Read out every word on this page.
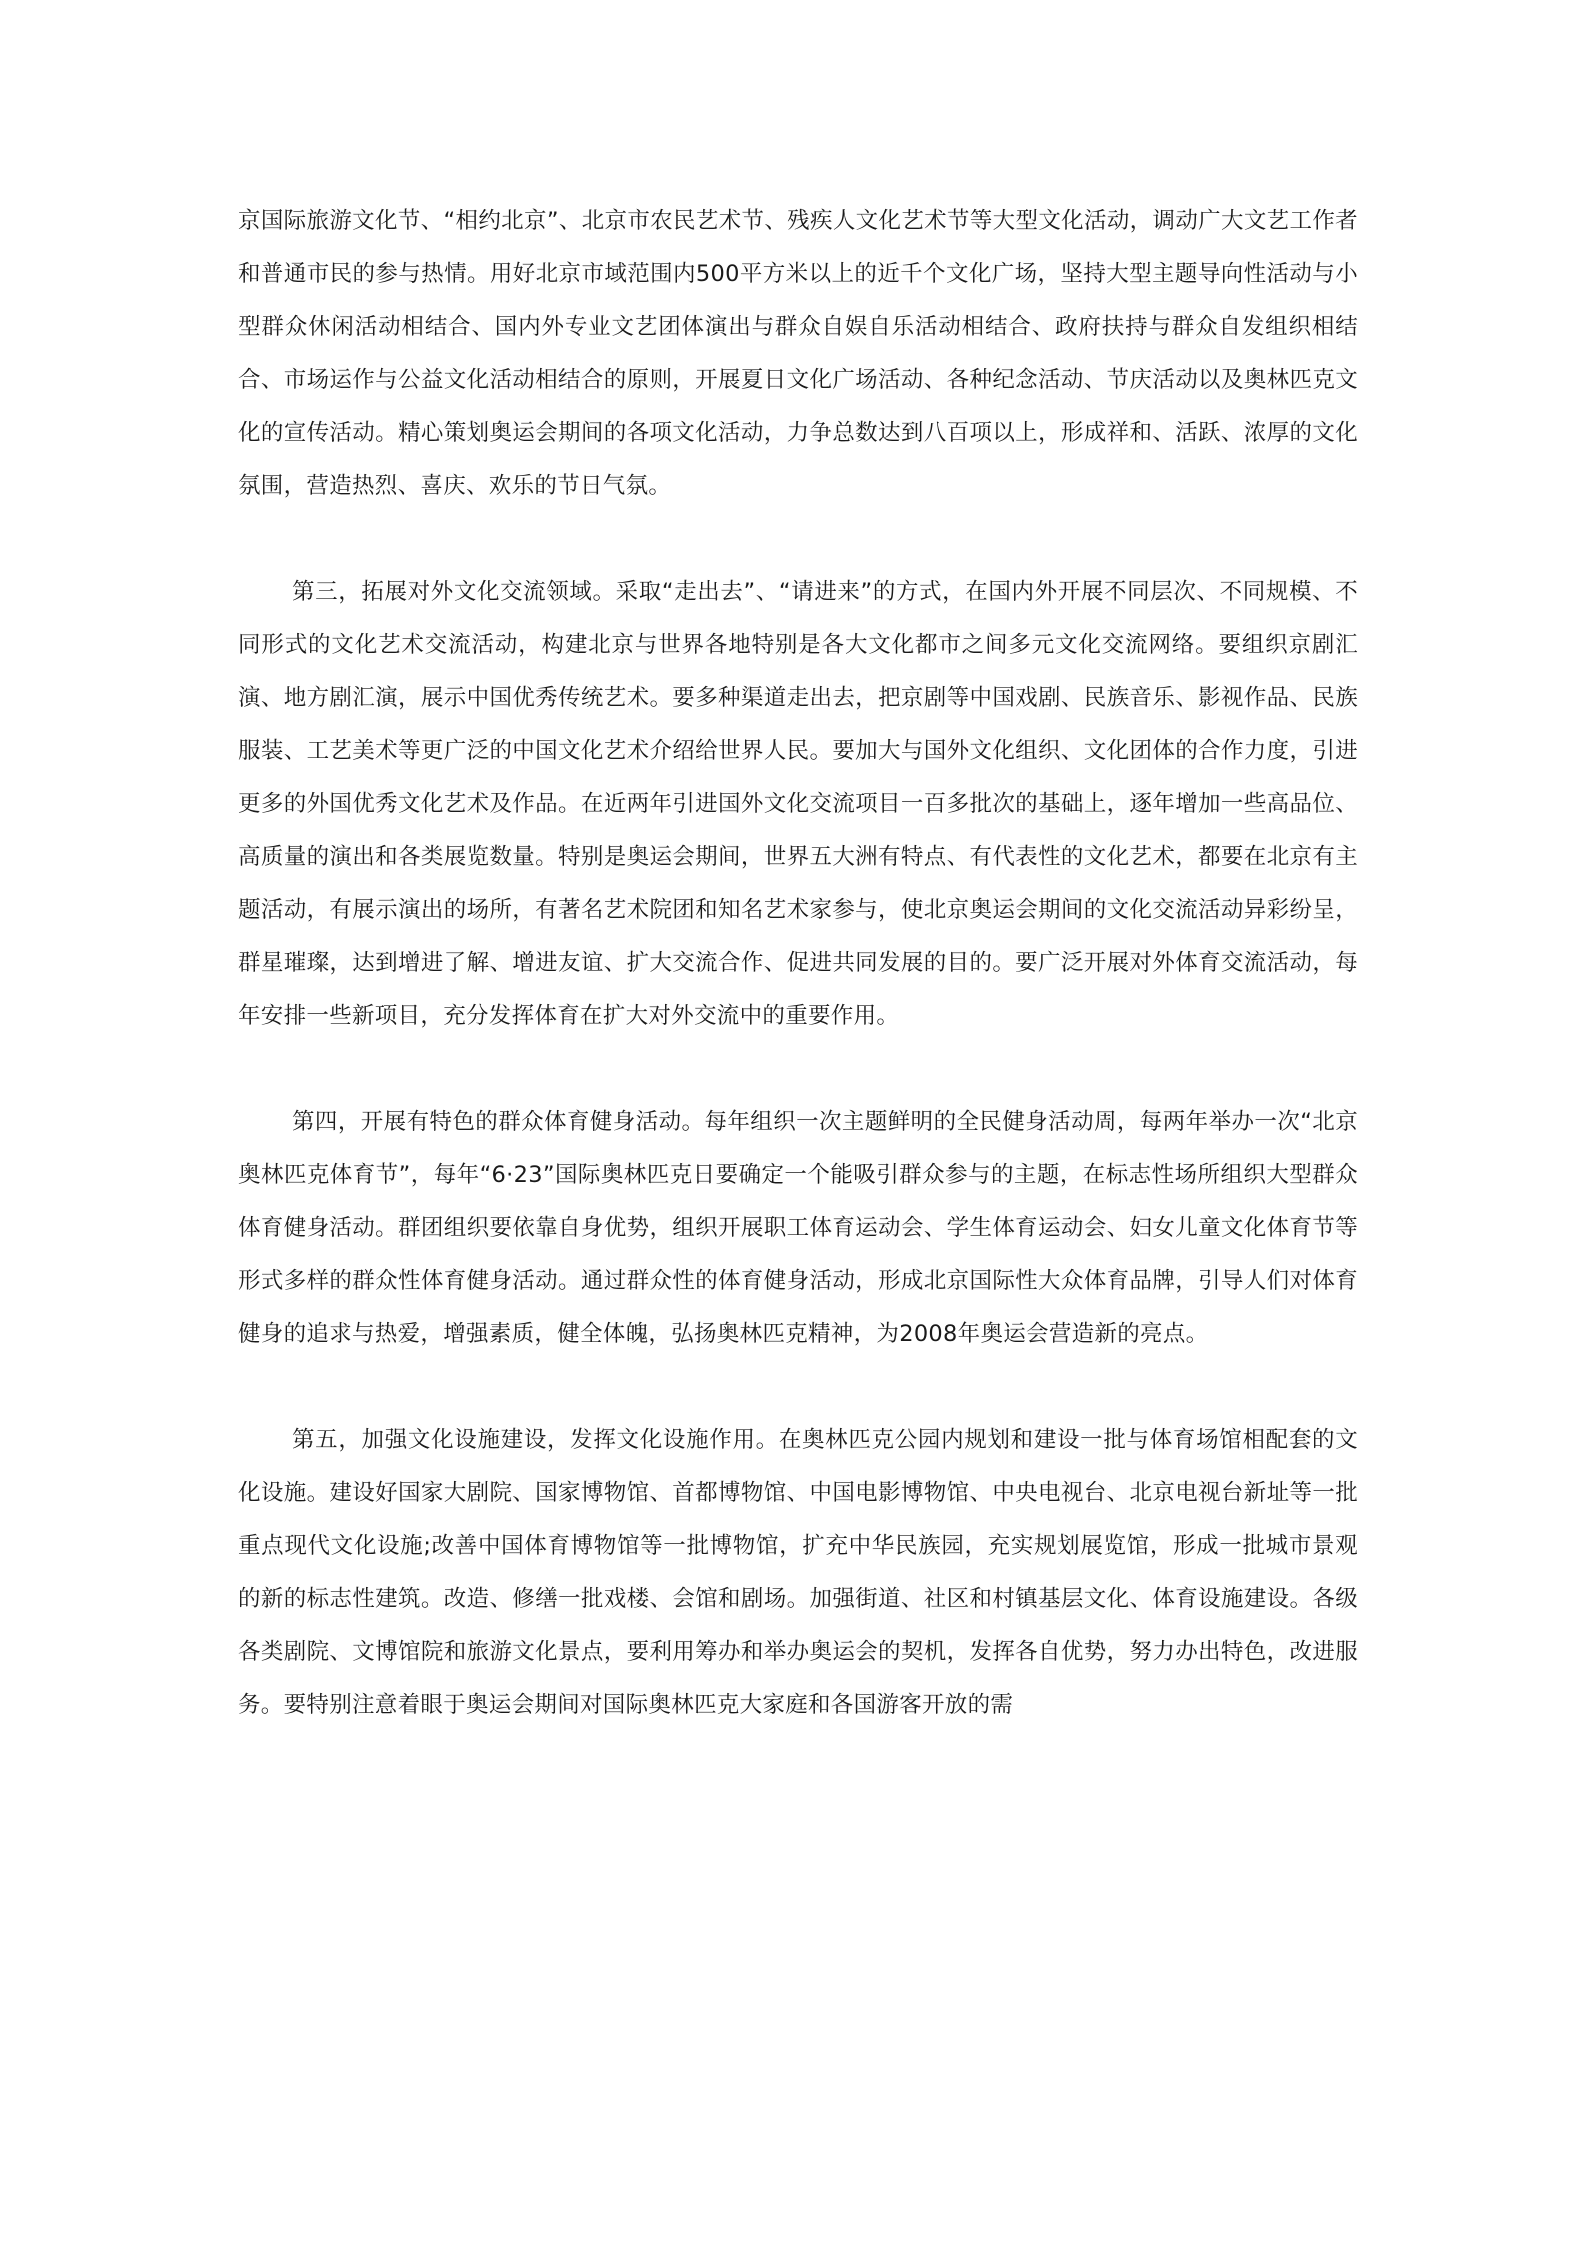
京国际旅游文化节、“相约北京”、北京市农民艺术节、残疾人文化艺术节等大型文化活动，调动广大文艺工作者和普通市民的参与热情。用好北京市域范围内500平方米以上的近千个文化广场，坚持大型主题导向性活动与小型群众休闲活动相结合、国内外专业文艺团体演出与群众自娱自乐活动相结合、政府扶持与群众自发组织相结合、市场运作与公益文化活动相结合的原则，开展夏日文化广场活动、各种纪念活动、节庆活动以及奥林匹克文化的宣传活动。精心策划奥运会期间的各项文化活动，力争总数达到八百项以上，形成祥和、活跃、浓厚的文化氛围，营造热烈、喜庆、欢乐的节日气氛。

第三，拓展对外文化交流领域。采取“走出去”、“请进来”的方式，在国内外开展不同层次、不同规模、不同形式的文化艺术交流活动，构建北京与世界各地特别是各大文化都市之间多元文化交流网络。要组织京剧汇演、地方剧汇演，展示中国优秀传统艺术。要多种渠道走出去，把京剧等中国戏剧、民族音乐、影视作品、民族服装、工艺美术等更广泛的中国文化艺术介绍给世界人民。要加大与国外文化组织、文化团体的合作力度，引进更多的外国优秀文化艺术及作品。在近两年引进国外文化交流项目一百多批次的基础上，逐年增加一些高品位、高质量的演出和各类展览数量。特别是奥运会期间，世界五大洲有特点、有代表性的文化艺术，都要在北京有主题活动，有展示演出的场所，有著名艺术院团和知名艺术家参与，使北京奥运会期间的文化交流活动异彩纷呈，群星璀璨，达到增进了解、增进友谊、扩大交流合作、促进共同发展的目的。要广泛开展对外体育交流活动，每年安排一些新项目，充分发挥体育在扩大对外交流中的重要作用。

第四，开展有特色的群众体育健身活动。每年组织一次主题鲜明的全民健身活动周，每两年举办一次“北京奥林匹克体育节”，每年“6·23”国际奥林匹克日要确定一个能吸引群众参与的主题，在标志性场所组织大型群众体育健身活动。群团组织要依靠自身优势，组织开展职工体育运动会、学生体育运动会、妇女儿童文化体育节等形式多样的群众性体育健身活动。通过群众性的体育健身活动，形成北京国际性大众体育品牌，引导人们对体育健身的追求与热爱，增强素质，健全体魄，弘扬奥林匹克精神，为2008年奥运会营造新的亮点。

第五，加强文化设施建设，发挥文化设施作用。在奥林匹克公园内规划和建设一批与体育场馆相配套的文化设施。建设好国家大剧院、国家博物馆、首都博物馆、中国电影博物馆、中央电视台、北京电视台新址等一批重点现代文化设施;改善中国体育博物馆等一批博物馆，扩充中华民族园，充实规划展览馆，形成一批城市景观的新的标志性建筑。改造、修缮一批戏楼、会馆和剧场。加强街道、社区和村镇基层文化、体育设施建设。各级各类剧院、文博馆院和旅游文化景点，要利用筹办和举办奥运会的契机，发挥各自优势，努力办出特色，改进服务。要特别注意着眼于奥运会期间对国际奥林匹克大家庭和各国游客开放的需
